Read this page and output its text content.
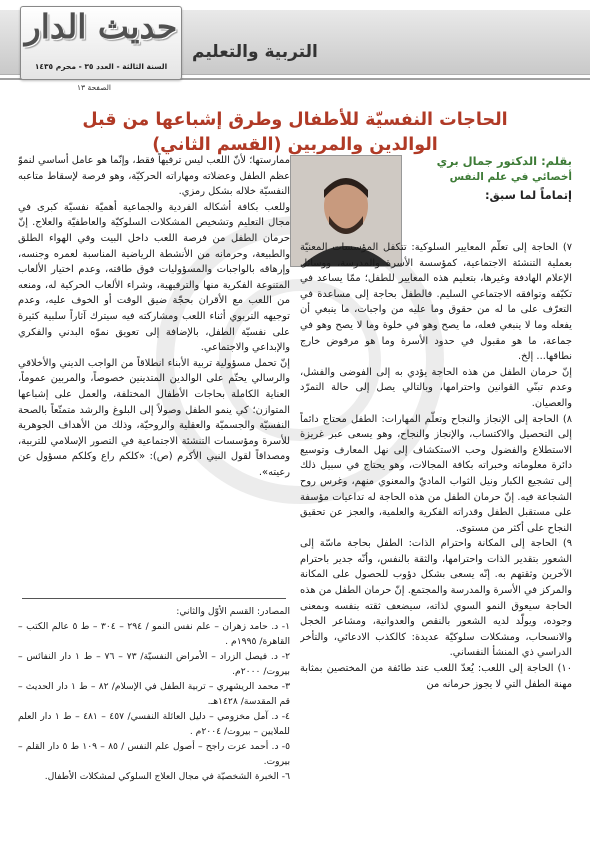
حديث الدار
السنة الثالثة - العدد ٣٥ - محرم ١٤٣٥
الصفحة ١٣
التربية والتعليم
الحاجات النفسيّة للأطفال وطرق إشباعها من قبل
الوالدين والمربين (القسم الثاني)
بقلم: الدكتور جمال بري
أخصائي في علم النفس
إتماماً لما سبق:

٧) الحاجة إلى تعلّم المعايير السلوكية: تتكفل المؤسسات المعنيّة بعملية التنشئة الاجتماعية، كمؤسسة الأسرة والمدرسة، ووسائل الإعلام الهادفة وغيرها، بتعليم هذه المعايير للطفل؛ ممّا يساعد في تكيّفه وتوافقه الاجتماعي السليم. فالطفل بحاجة إلى مساعدة في التعرّف على ما له من حقوق وما عليه من واجبات، ما ينبغي أن يفعله وما لا ينبغي فعله، ما يصح وهو في خلوة وما لا يصح وهو في جماعة، ما هو مقبول في حدود الأسرة وما هو مرفوض خارج نطاقها... إلخ.

إنّ حرمان الطفل من هذه الحاجة يؤدي به إلى الفوضى والفشل، وعدم تبنّي القوانين واحترامها، وبالتالي يصل إلى حالة التمرّد والعصيان.

٨) الحاجة إلى الإنجاز والنجاح وتعلّم المهارات: الطفل محتاج دائماً إلى التحصيل والاكتساب، والإنجاز والنجاح، وهو يسعى عبر غريزة الاستطلاع والفضول وحب الاستكشاف إلى نهل المعارف وتوسيع دائرة معلوماته وخبراته بكافة المجالات، وهو يحتاج في سبيل ذلك إلى تشجيع الكبار ونيل الثواب الماديّ والمعنوي منهم، وغرس روح الشجاعة فيه. إنّ حرمان الطفل من هذه الحاجة له تداعيات مؤسفة على مستقبل الطفل وقدراته الفكرية والعلمية، والعجز عن تحقيق النجاح على أكثر من مستوى.

٩) الحاجة إلى المكانة واحترام الذات: الطفل بحاجة ماسّة إلى الشعور بتقدير الذات واحترامها، والثقة بالنفس، وأنّه جدير باحترام الآخرين وثقتهم به. إنّه يسعى بشكل دؤوب للحصول على المكانة والمركز في الأسرة والمدرسة والمجتمع. إنّ حرمان الطفل من هذه الحاجة سيعوق النمو السوي لذاته، سيضعف ثقته بنفسه وبمعنى وجوده، ويولّد لديه الشعور بالنقص والعدوانية، ومشاعر الخجل والانسحاب، ومشكلات سلوكيّة عديدة: كالكذب الادعائي، والتأخر الدراسي ذي المنشأ النفساني.

١٠) الحاجة إلى اللعب: يُعدّ اللعب عند طائفة من المختصين بمثابة مهنة الطفل التي لا يجوز حرمانه من

ممارستها؛ لأنّ اللعب ليس ترفيهاً فقط، وإنّما هو عامل أساسي لنموّ عظم الطفل وعضلاته ومهاراته الحركيّة، وهو فرصة لإسقاط متاعبه النفسيّة خلاله بشكل رمزي.

وللعب بكافة أشكاله الفردية والجماعية أهميّة نفسيّة كبرى في مجال التعليم وتشخيص المشكلات السلوكيّة والعاطفيّة والعلاج. إنّ حرمان الطفل من فرصة اللعب داخل البيت وفي الهواء الطلق والطبيعة، وحرمانه من الأنشطة الرياضية المناسبة لعمره وجنسه، وإرهاقه بالواجبات والمسؤوليات فوق طاقته، وعدم اختيار الألعاب المتنوعة الفكرية منها والترفيهية، وشراء الألعاب الحركية له، ومنعه من اللعب مع الأقران بحجّة ضيق الوقت أو الخوف عليه، وعدم توجيهه التربوي أثناء اللعب ومشاركته فيه سيترك آثاراً سلبية كثيرة على نفسيّة الطفل، بالإضافة إلى تعويق نموّه البدني والفكري والإبداعي والاجتماعي.

إنّ تحمل مسؤولية تربية الأبناء انطلاقاً من الواجب الديني والأخلاقي والرسالي يحتّم على الوالدين المتدينين خصوصاً، والمربين عموماً، العناية الكاملة بحاجات الأطفال المختلفة، والعمل على إشباعها المتوازن؛ كي ينمو الطفل وصولاً إلى البلوغ والرشد متمتّعاً بالصحة النفسيّة والجسميّة والعقلية والروحيّة، وذلك من الأهداف الجوهرية للأسرة ومؤسسات التنشئة الاجتماعية في التصور الإسلامي للتربية، ومصداقاً لقول النبي الأكرم (ص): «كلكم راع وكلكم مسؤول عن رعيته».

المصادر: القسم الأوّل والثاني:

١- د. حامد زهران – علم نفس النمو / ٢٩٤ – ٣٠٤ – ط ٥ عالم الكتب – القاهرة/ ١٩٩٥م .

٢- د. فيصل الزراد – الأمراض النفسيّة/ ٧٣ – ٧٦ – ط ١ دار النفائس – بيروت/ ٢٠٠٠م.

٣- محمد الريشهري – تربية الطفل في الإسلام/ ٨٢ – ط ١ دار الحديث – قم المقدسة/ ١٤٢٨هـ.

٤- د. آمل مخزومي – دليل العائلة النفسي/ ٤٥٧ – ٤٨١ – ط ١ دار العلم للملايين – بيروت/ ٢٠٠٤م .

٥- د. أحمد عزت راجح – أصول علم النفس / ٨٥ – ١٠٩ ط ٥ دار القلم – بيروت.

٦- الخبرة الشخصيّة في مجال العلاج السلوكي لمشكلات الأطفال.
